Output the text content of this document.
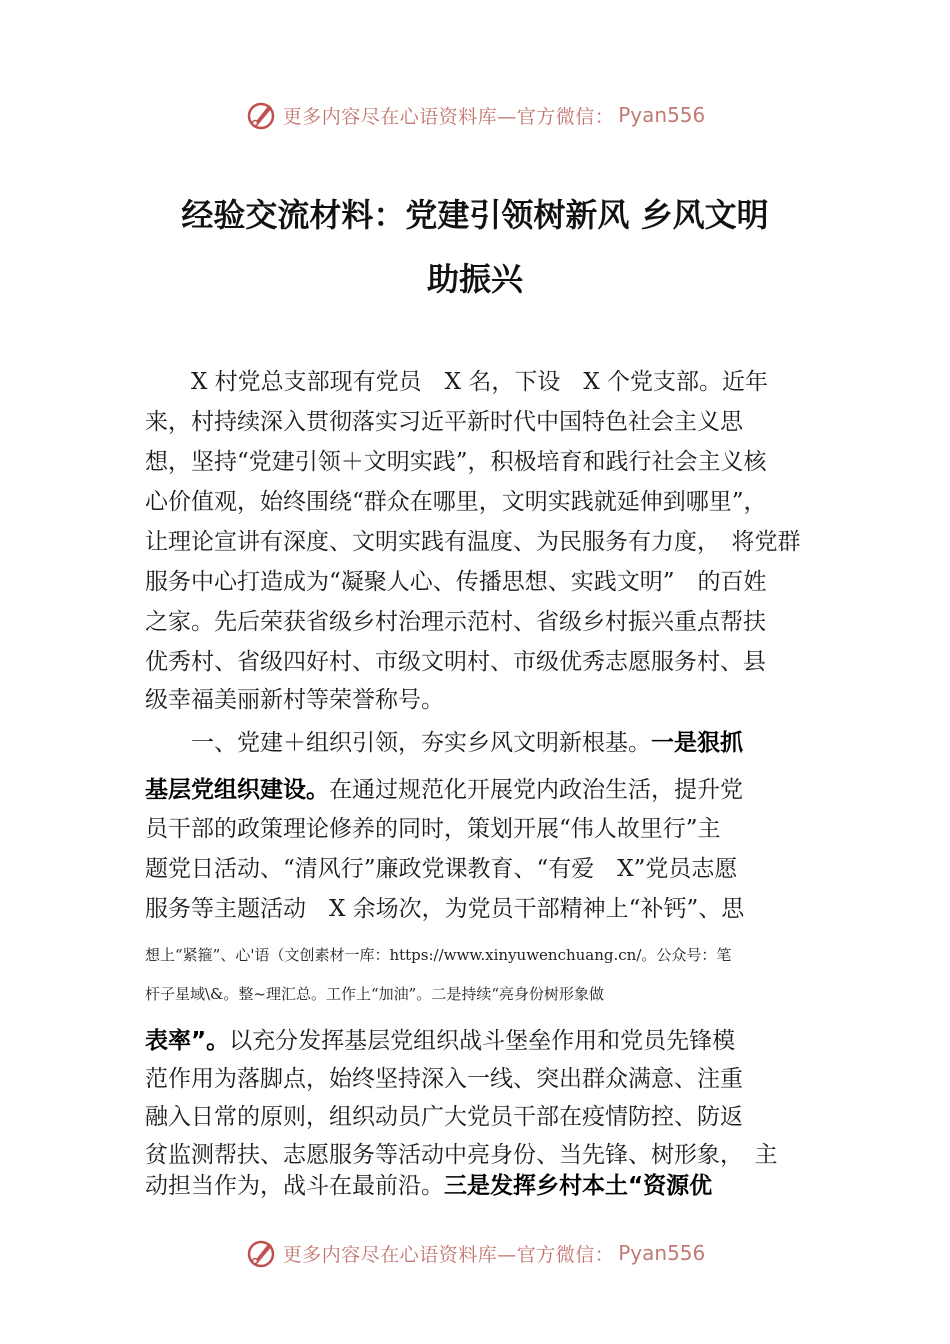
更多内容尽在心语资料库—官方微信： Pyan556
经验交流材料：党建引领树新风 乡风文明
助振兴
　　X 村党总支部现有党员　X 名，下设　X 个党支部。近年
来，村持续深入贯彻落实习近平新时代中国特色社会主义思
想，坚持“党建引领＋文明实践”，积极培育和践行社会主义核
心价值观，始终围绕“群众在哪里，文明实践就延伸到哪里”，
让理论宣讲有深度、文明实践有温度、为民服务有力度，　将党群
服务中心打造成为“凝聚人心、传播思想、实践文明”　的百姓
之家。先后荣获省级乡村治理示范村、省级乡村振兴重点帮扶
优秀村、省级四好村、市级文明村、市级优秀志愿服务村、县
级幸福美丽新村等荣誉称号。
　　一、党建＋组织引领，夯实乡风文明新根基。一是狠抓
基层党组织建设。在通过规范化开展党内政治生活，提升党
员干部的政策理论修养的同时，策划开展“伟人故里行”主
题党日活动、“清风行”廉政党课教育、“有爱　X”党员志愿
服务等主题活动　X 余场次，为党员干部精神上“补钙”、思
想上“紧箍”、心'语（文创素材一库：https://www.xinyuwenchuang.cn/。公众号：笔
杆子星域\&。整~理汇总。工作上“加油”。二是持续“亮身份树形象做
表率”。以充分发挥基层党组织战斗堡垒作用和党员先锋模
范作用为落脚点，始终坚持深入一线、突出群众满意、注重
融入日常的原则，组织动员广大党员干部在疫情防控、防返
贫监测帮扶、志愿服务等活动中亮身份、当先锋、树形象，　主
动担当作为，战斗在最前沿。三是发挥乡村本土“资源优
更多内容尽在心语资料库—官方微信： Pyan556
